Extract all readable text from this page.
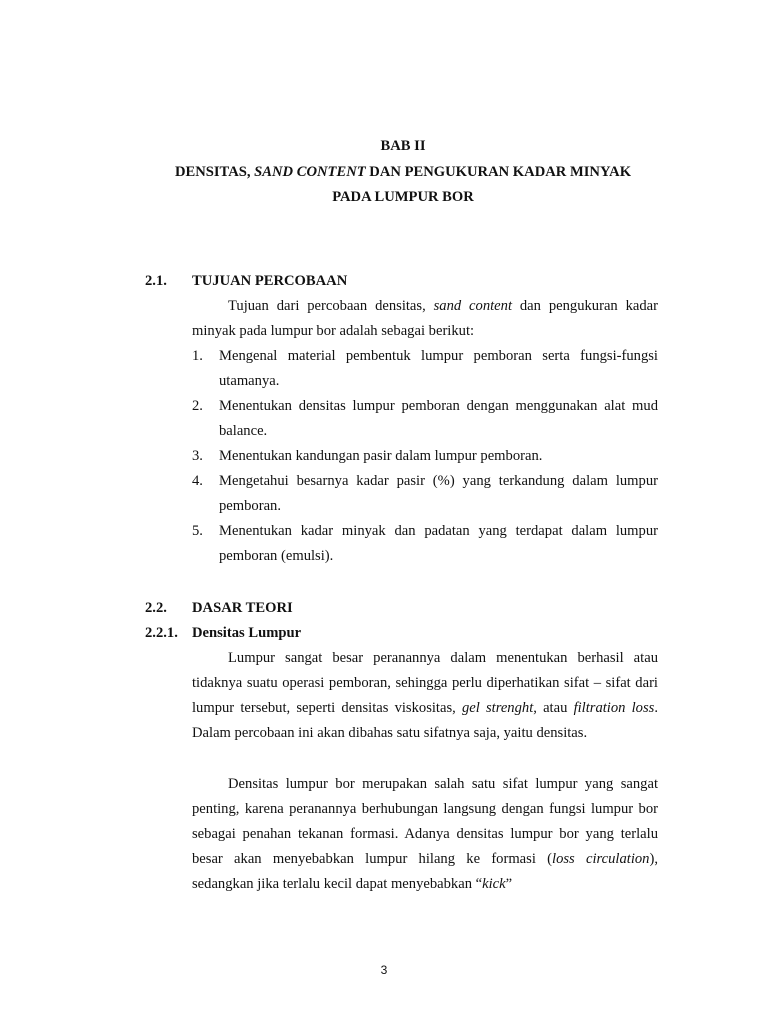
BAB II
DENSITAS, SAND CONTENT DAN PENGUKURAN KADAR MINYAK
PADA LUMPUR BOR
2.1. TUJUAN PERCOBAAN
Tujuan dari percobaan densitas, sand content dan pengukuran kadar minyak pada lumpur bor adalah sebagai berikut:
1.	Mengenal material pembentuk lumpur pemboran serta fungsi-fungsi utamanya.
2.	Menentukan densitas lumpur pemboran dengan menggunakan alat mud balance.
3.	Menentukan kandungan pasir dalam lumpur pemboran.
4.	Mengetahui besarnya kadar pasir (%) yang terkandung dalam lumpur pemboran.
5.	Menentukan kadar minyak dan padatan yang terdapat dalam lumpur pemboran (emulsi).
2.2. DASAR TEORI
2.2.1. Densitas Lumpur
Lumpur sangat besar peranannya dalam menentukan berhasil atau tidaknya suatu operasi pemboran, sehingga perlu diperhatikan sifat – sifat dari lumpur tersebut, seperti densitas viskositas, gel strenght, atau filtration loss. Dalam percobaan ini akan dibahas satu sifatnya saja, yaitu densitas.
Densitas lumpur bor merupakan salah satu sifat lumpur yang sangat penting, karena peranannya berhubungan langsung dengan fungsi lumpur bor sebagai penahan tekanan formasi. Adanya densitas lumpur bor yang terlalu besar akan menyebabkan lumpur hilang ke formasi (loss circulation), sedangkan jika terlalu kecil dapat menyebabkan “kick”
3
